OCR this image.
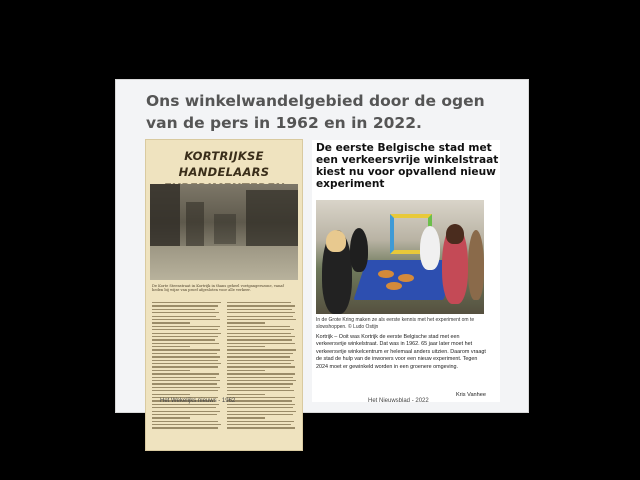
Ons winkelwandelgebied door de ogen van de pers in 1962 en in 2022.
KORTRIJKSE HANDELAARS
De Korte Steenstraat in Kortrijk in thans geheel voetgangerszone, vanaf heden bij wijze van proef afgesloten voor alle verkeer.
De eerste Belgische stad met een verkeersvrije winkelstraat kiest nu voor opvallend nieuw experiment
In de Grote Kring maken ze als eerste kennis met het experiment om te slowshoppen. © Ludo Ostijn
Kortrijk – Ooit was Kortrijk de eerste Belgische stad met een verkeersvrije winkelstraat. Dat was in 1962. 65 jaar later moet het verkeersvrije winkelcentrum er helemaal anders uitzien. Daarom vraagt de stad de hulp van de inwoners voor een nieuw experiment. Tegen 2024 moet er gewinkeld worden in een groenere omgeving.
Kris Vanhee
Het Wekelijks nieuws - 1962	Het Nieuwsblad - 2022
